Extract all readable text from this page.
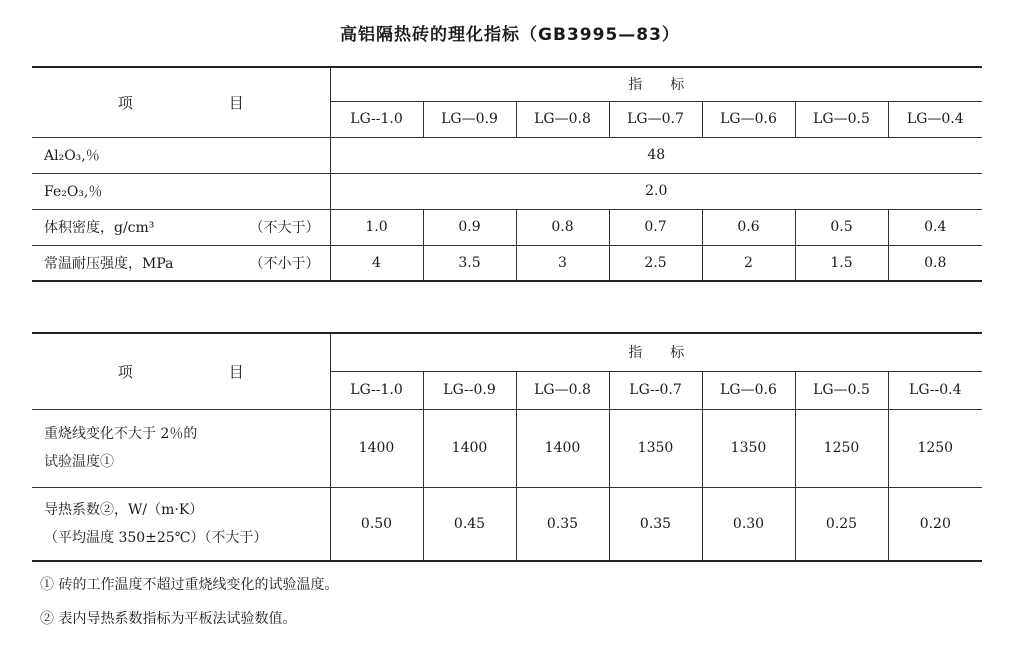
高铝隔热砖的理化指标（GB3995—83）
项 目	指　　标						
	LG--1.0	LG—0.9	LG—0.8	LG—0.7	LG—0.6	LG—0.5	LG—0.4
Al₂O₃,％	48						
Fe₂O₃,％	2.0						

体积密度，g/cm³ （不大于）	1.0	0.9	0.8	0.7	0.6	0.5	0.4

常温耐压强度，MPa （不小于）	4	3.5	3	2.5	2	1.5	0.8
项 目	指　　标						
	LG--1.0	LG--0.9	LG—0.8	LG--0.7	LG—0.6	LG—0.5	LG--0.4

重烧线变化不大于 2％的
试验温度①	1400	1400	1400	1350	1350	1250	1250

导热系数②，W/（m·K）
（平均温度 350±25℃）（不大于）	0.50	0.45	0.35	0.35	0.30	0.25	0.20
① 砖的工作温度不超过重烧线变化的试验温度。
② 表内导热系数指标为平板法试验数值。
